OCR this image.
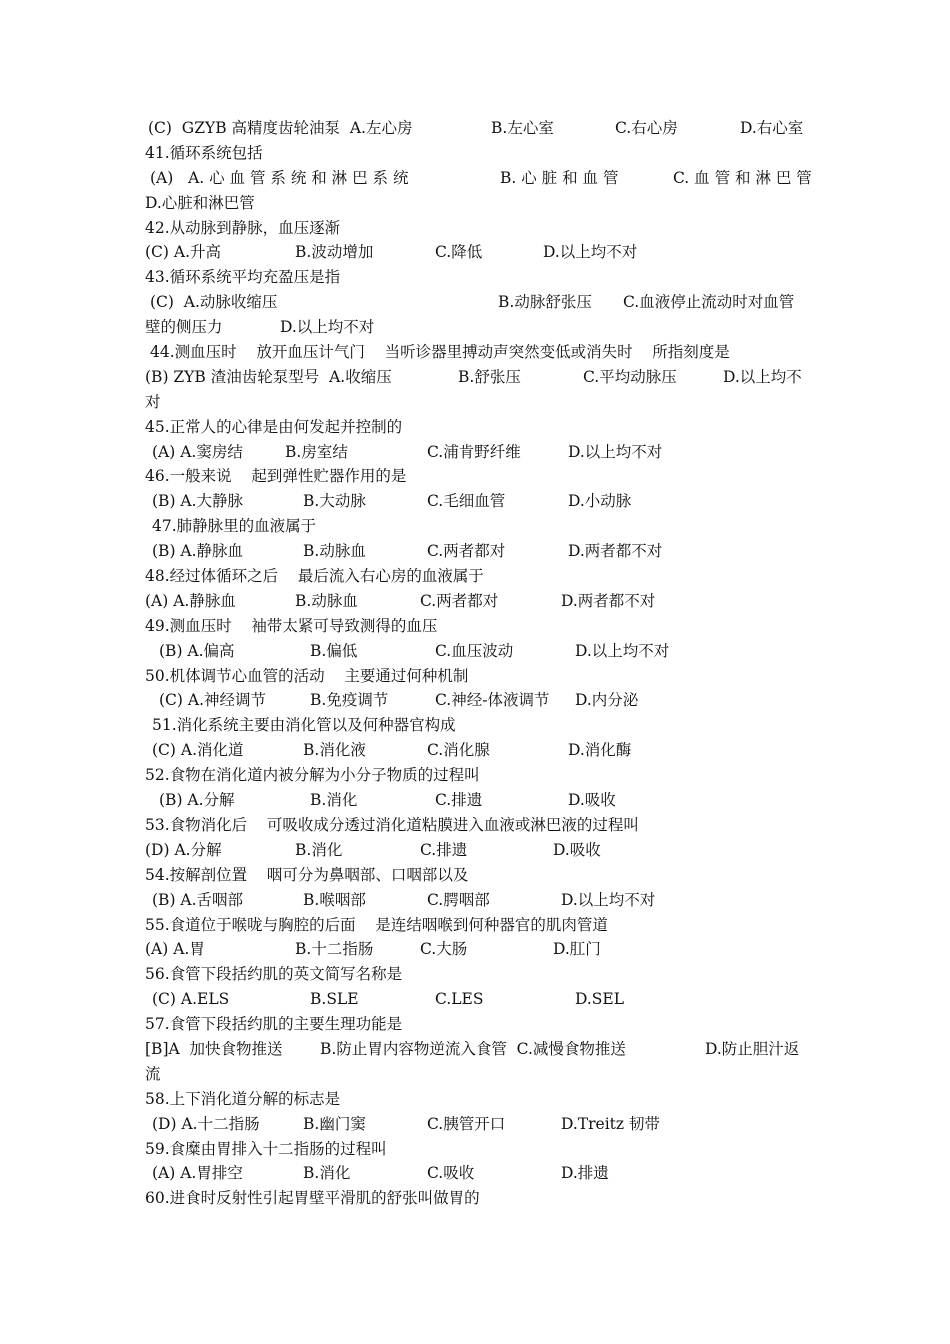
(C)  GZYB 高精度齿轮油泵  A.左心房	B.左心室	C.右心房	D.右心室
41.循环系统包括
(A)   A. 心 血 管 系 统 和 淋 巴 系 统	B. 心 脏 和 血 管	C. 血 管 和 淋 巴 管
D.心脏和淋巴管
42.从动脉到静脉，血压逐渐
(C) A.升高	B.波动增加	C.降低	D.以上均不对
43.循环系统平均充盈压是指
(C)  A.动脉收缩压	B.动脉舒张压 C.血液停止流动时对血管
壁的侧压力	D.以上均不对
44.测血压时    放开血压计气门    当听诊器里搏动声突然变低或消失时    所指刻度是
(B) ZYB 渣油齿轮泵型号  A.收缩压	B.舒张压	C.平均动脉压	D.以上均不
对
45.正常人的心律是由何发起并控制的
(A) A.窦房结	B.房室结	C.浦肯野纤维	D.以上均不对
46.一般来说    起到弹性贮器作用的是
(B) A.大静脉	B.大动脉	C.毛细血管	D.小动脉
47.肺静脉里的血液属于
(B) A.静脉血	B.动脉血	C.两者都对	D.两者都不对
48.经过体循环之后    最后流入右心房的血液属于
(A) A.静脉血	B.动脉血	C.两者都对	D.两者都不对
49.测血压时    袖带太紧可导致测得的血压
(B) A.偏高	B.偏低	C.血压波动	D.以上均不对
50.机体调节心血管的活动    主要通过何种机制
(C) A.神经调节	B.免疫调节	C.神经-体液调节 D.内分泌
51.消化系统主要由消化管以及何种器官构成
(C) A.消化道	B.消化液	C.消化腺	D.消化酶
52.食物在消化道内被分解为小分子物质的过程叫
(B) A.分解	B.消化	C.排遗	D.吸收
53.食物消化后    可吸收成分透过消化道粘膜进入血液或淋巴液的过程叫
(D) A.分解	B.消化	C.排遗	D.吸收
54.按解剖位置    咽可分为鼻咽部、口咽部以及
(B) A.舌咽部	B.喉咽部	C.腭咽部	D.以上均不对
55.食道位于喉咙与胸腔的后面    是连结咽喉到何种器官的肌肉管道
(A) A.胃	B.十二指肠	C.大肠	D.肛门
56.食管下段括约肌的英文简写名称是
(C) A.ELS	B.SLE	C.LES	D.SEL
57.食管下段括约肌的主要生理功能是
[B]A  加快食物推送 B.防止胃内容物逆流入食管  C.减慢食物推送	D.防止胆汁返
流
58.上下消化道分解的标志是
(D) A.十二指肠	B.幽门窦	C.胰管开口	D.Treitz 韧带
59.食糜由胃排入十二指肠的过程叫
(A) A.胃排空	B.消化	C.吸收	D.排遗
60.进食时反射性引起胃壁平滑肌的舒张叫做胃的
